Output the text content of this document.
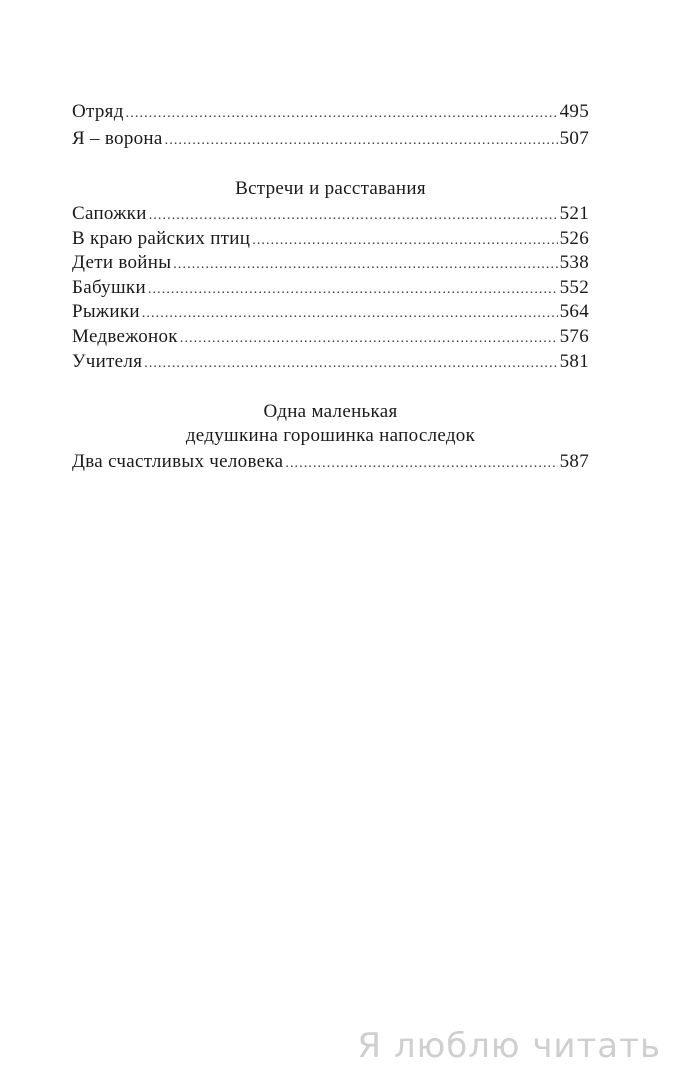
Отряд . . .	495
Я – ворона . . .	507
Встречи и расставания
Сапожки . . .	521
В краю райских птиц . . .	526
Дети войны . . .	538
Бабушки . . .	552
Рыжики . . .	564
Медвежонок . . .	576
Учителя . . .	581
Одна маленькая
дедушкина горошинка напоследок
Два счастливых человека . . .	587
Я люблю читать
